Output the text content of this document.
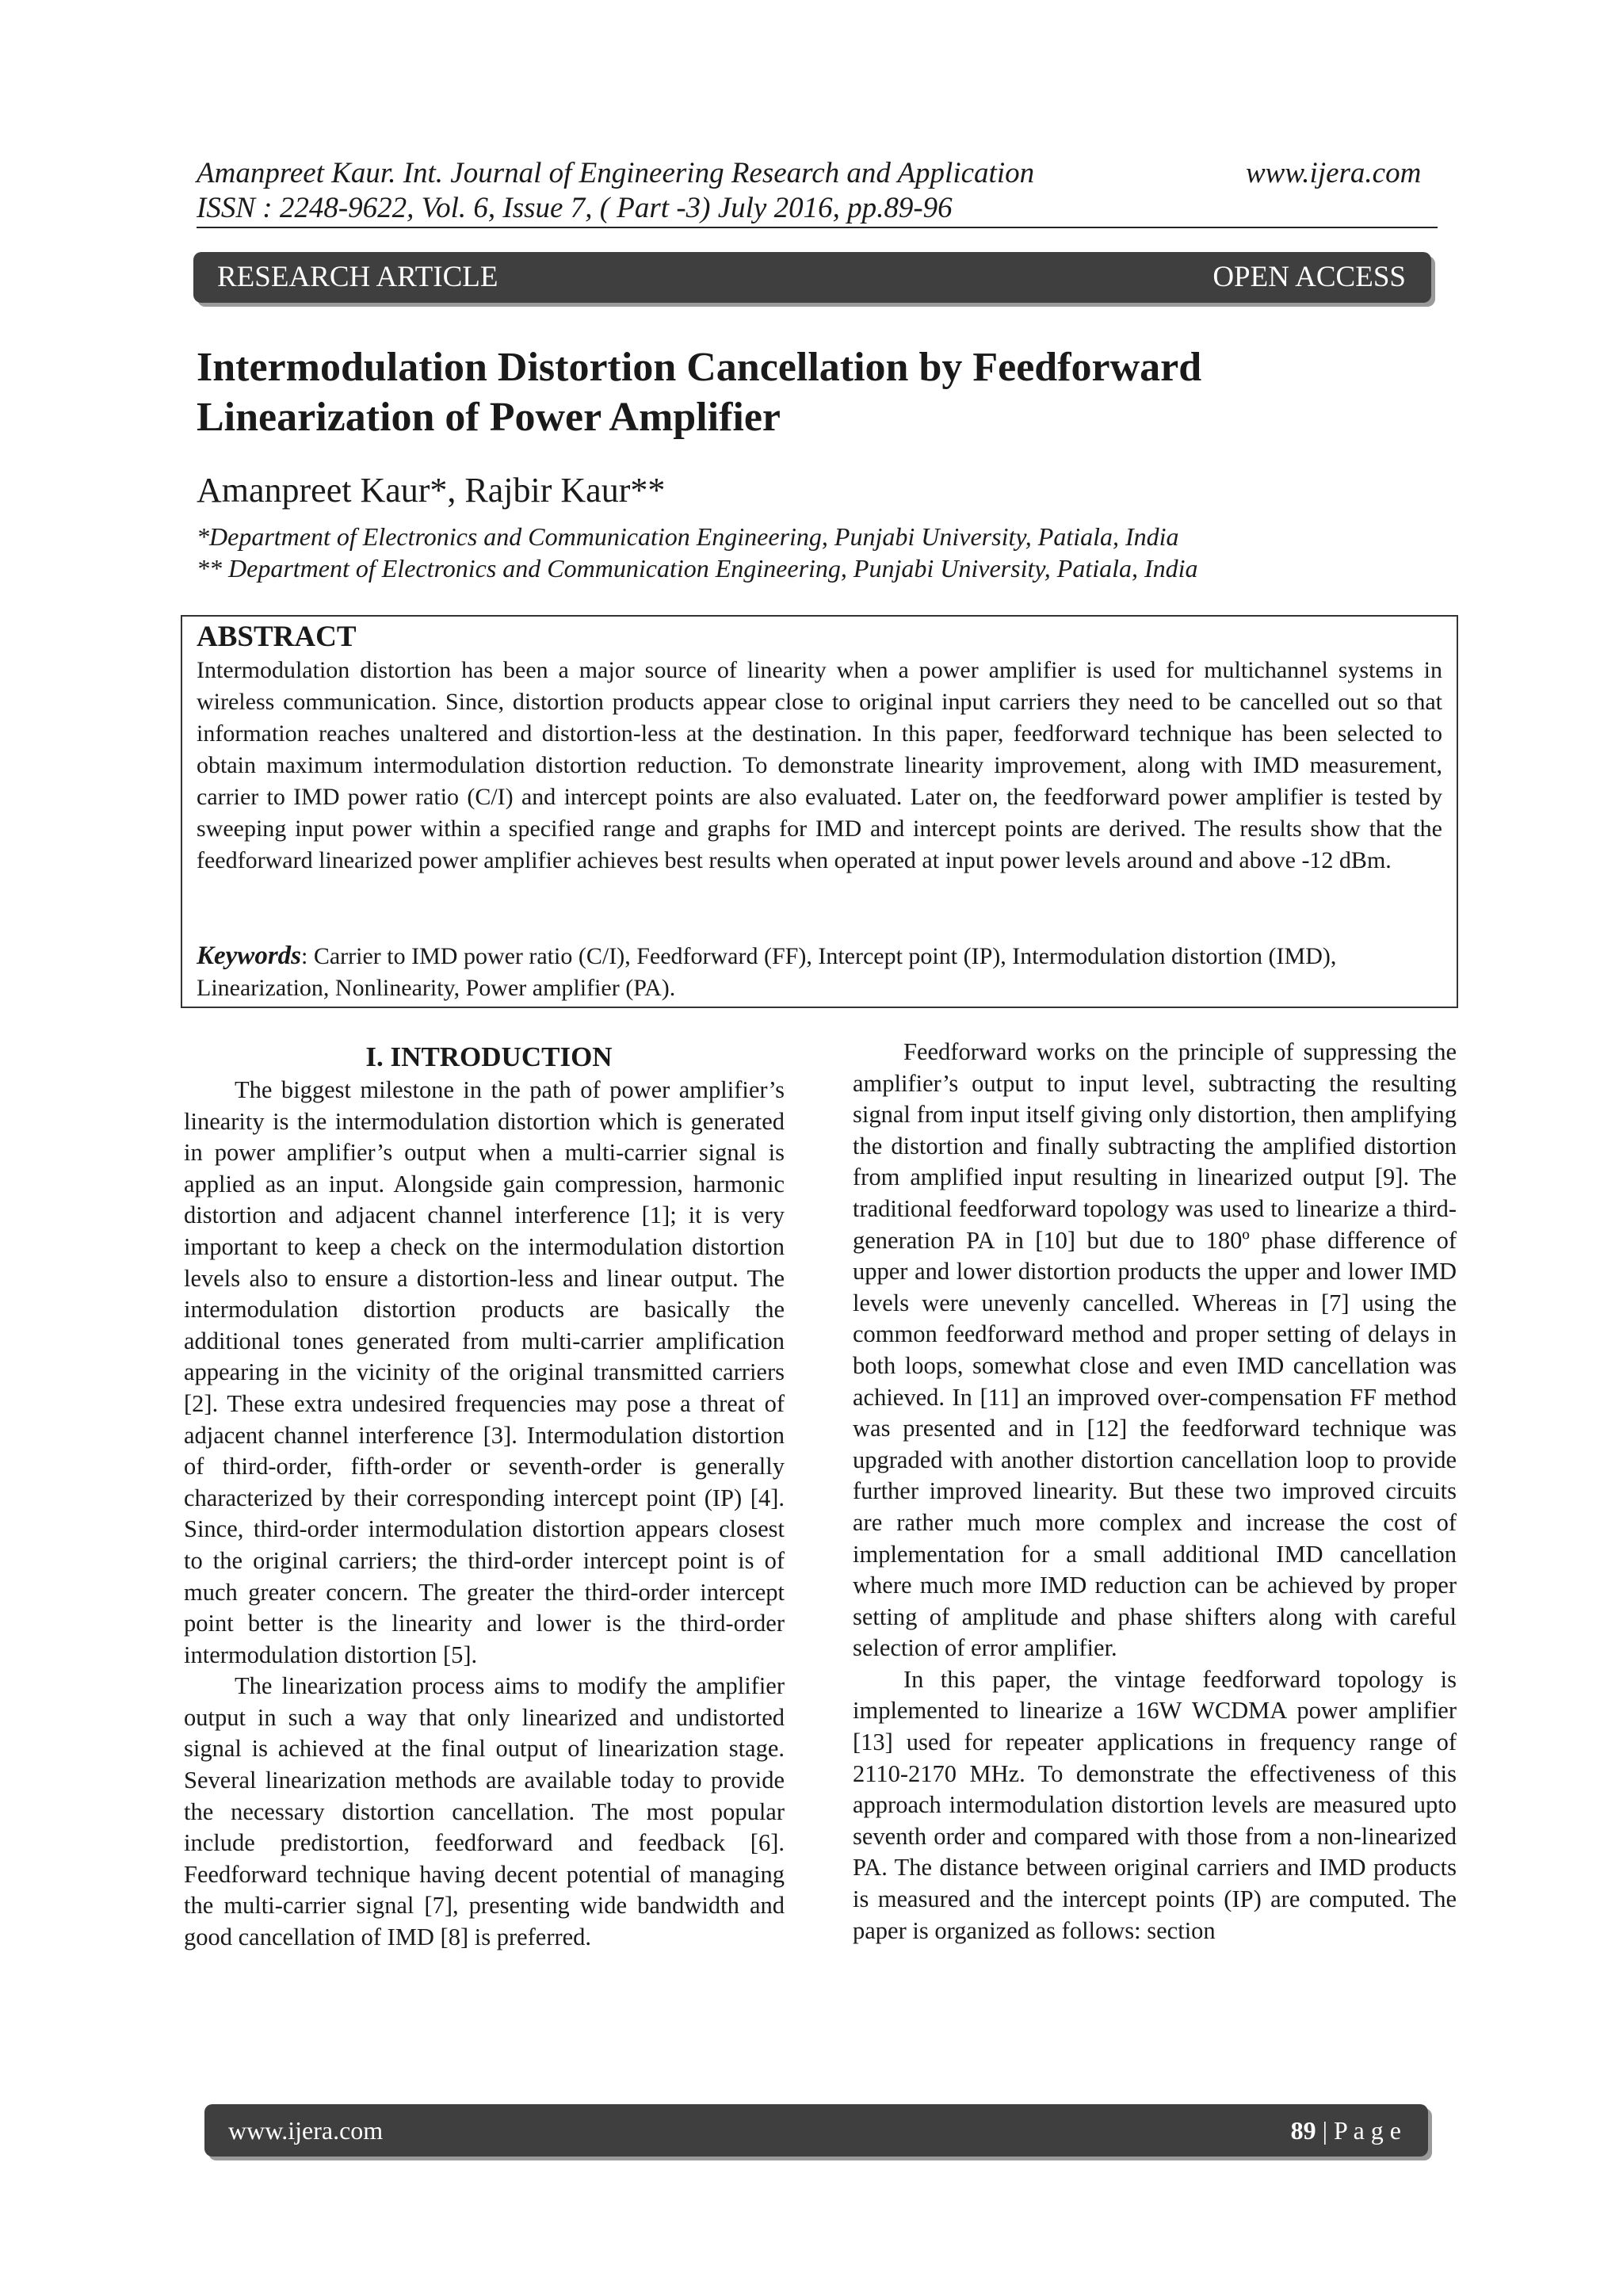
Amanpreet Kaur. Int. Journal of Engineering Research and Application	www.ijera.com
ISSN : 2248-9622, Vol. 6, Issue 7, ( Part -3) July 2016, pp.89-96
RESEARCH ARTICLE	OPEN ACCESS
Intermodulation Distortion Cancellation by Feedforward
Linearization of Power Amplifier
Amanpreet Kaur*, Rajbir Kaur**
*Department of Electronics and Communication Engineering, Punjabi University, Patiala, India
** Department of Electronics and Communication Engineering, Punjabi University, Patiala, India
ABSTRACT
Intermodulation distortion has been a major source of linearity when a power amplifier is used for multichannel systems in wireless communication. Since, distortion products appear close to original input carriers they need to be cancelled out so that information reaches unaltered and distortion-less at the destination. In this paper, feedforward technique has been selected to obtain maximum intermodulation distortion reduction. To demonstrate linearity improvement, along with IMD measurement, carrier to IMD power ratio (C/I) and intercept points are also evaluated. Later on, the feedforward power amplifier is tested by sweeping input power within a specified range and graphs for IMD and intercept points are derived. The results show that the feedforward linearized power amplifier achieves best results when operated at input power levels around and above -12 dBm.
Keywords: Carrier to IMD power ratio (C/I), Feedforward (FF), Intercept point (IP), Intermodulation distortion (IMD), Linearization, Nonlinearity, Power amplifier (PA).
I. INTRODUCTION

The biggest milestone in the path of power amplifier’s linearity is the intermodulation distortion which is generated in power amplifier’s output when a multi-carrier signal is applied as an input. Alongside gain compression, harmonic distortion and adjacent channel interference [1]; it is very important to keep a check on the intermodulation distortion levels also to ensure a distortion-less and linear output. The intermodulation distortion products are basically the additional tones generated from multi-carrier amplification appearing in the vicinity of the original transmitted carriers [2]. These extra undesired frequencies may pose a threat of adjacent channel interference [3]. Intermodulation distortion of third-order, fifth-order or seventh-order is generally characterized by their corresponding intercept point (IP) [4]. Since, third-order intermodulation distortion appears closest to the original carriers; the third-order intercept point is of much greater concern. The greater the third-order intercept point better is the linearity and lower is the third-order intermodulation distortion [5].

The linearization process aims to modify the amplifier output in such a way that only linearized and undistorted signal is achieved at the final output of linearization stage. Several linearization methods are available today to provide the necessary distortion cancellation. The most popular include predistortion, feedforward and feedback [6]. Feedforward technique having decent potential of managing the multi-carrier signal [7], presenting wide bandwidth and good cancellation of IMD [8] is preferred.

Feedforward works on the principle of suppressing the amplifier’s output to input level, subtracting the resulting signal from input itself giving only distortion, then amplifying the distortion and finally subtracting the amplified distortion from amplified input resulting in linearized output [9]. The traditional feedforward topology was used to linearize a third-generation PA in [10] but due to 180º phase difference of upper and lower distortion products the upper and lower IMD levels were unevenly cancelled. Whereas in [7] using the common feedforward method and proper setting of delays in both loops, somewhat close and even IMD cancellation was achieved. In [11] an improved over-compensation FF method was presented and in [12] the feedforward technique was upgraded with another distortion cancellation loop to provide further improved linearity. But these two improved circuits are rather much more complex and increase the cost of implementation for a small additional IMD cancellation where much more IMD reduction can be achieved by proper setting of amplitude and phase shifters along with careful selection of error amplifier.

In this paper, the vintage feedforward topology is implemented to linearize a 16W WCDMA power amplifier [13] used for repeater applications in frequency range of 2110-2170 MHz. To demonstrate the effectiveness of this approach intermodulation distortion levels are measured upto seventh order and compared with those from a non-linearized PA. The distance between original carriers and IMD products is measured and the intercept points (IP) are computed. The paper is organized as follows: section

www.ijera.com	89 | P a g e
